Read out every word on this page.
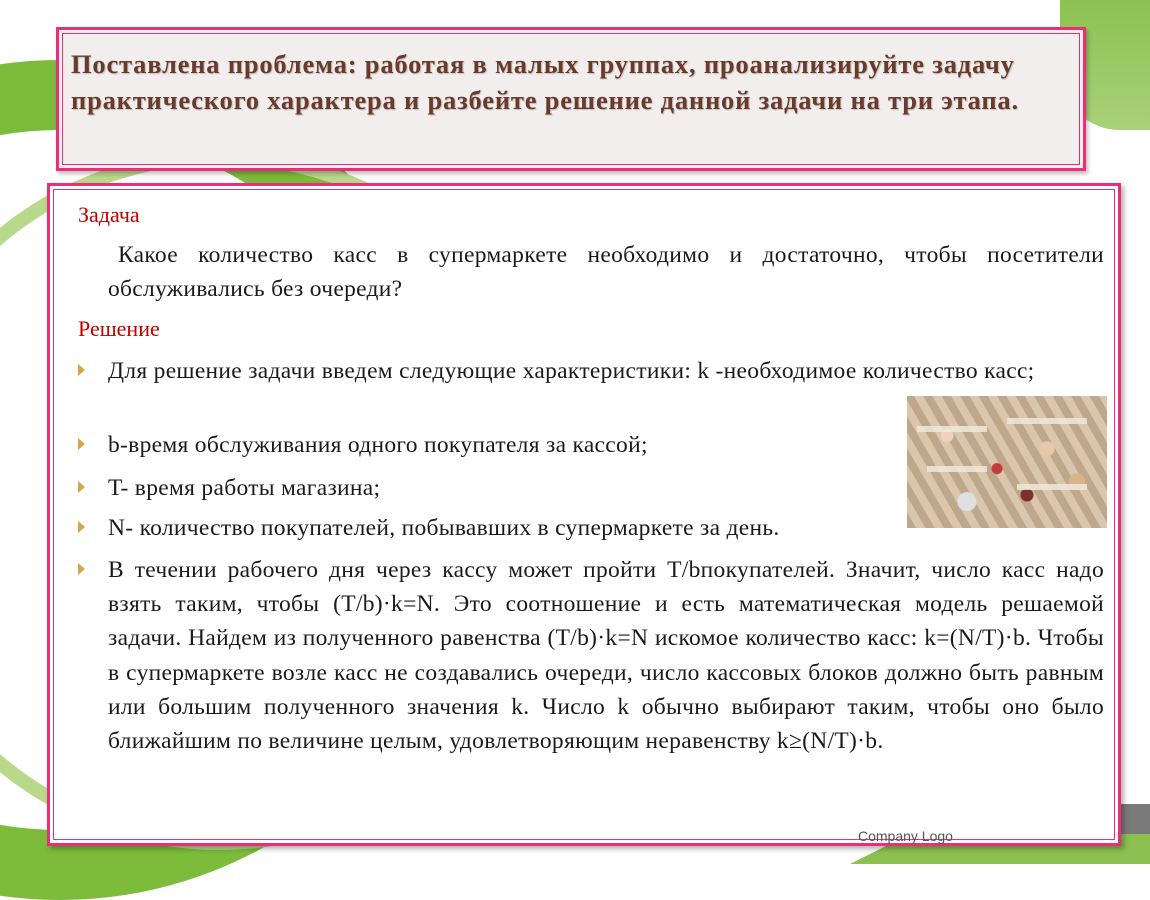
Поставлена проблема: работая в малых группах, проанализируйте задачу практического характера и разбейте решение данной задачи на три этапа.
Задача
Какое количество касс в супермаркете необходимо и достаточно, чтобы посетители обслуживались без очереди?
Решение
Для решение задачи введем следующие характеристики: k -необходимое количество касс;
b-время обслуживания одного покупателя за кассой;
T- время работы магазина;
N- количество покупателей, побывавших в супермаркете за день.
В течении рабочего дня через кассу может пройти T/bпокупателей. Значит, число касс надо взять таким, чтобы (T/b)·k=N. Это соотношение и есть математическая модель решаемой задачи. Найдем из полученного равенства (T/b)·k=N искомое количество касс: k=(N/T)·b. Чтобы в супермаркете возле касс не создавались очереди, число кассовых блоков должно быть равным или большим полученного значения k. Число k обычно выбирают таким, чтобы оно было ближайшим по величине целым, удовлетворяющим неравенству k≥(N/T)·b.
Company Logo
